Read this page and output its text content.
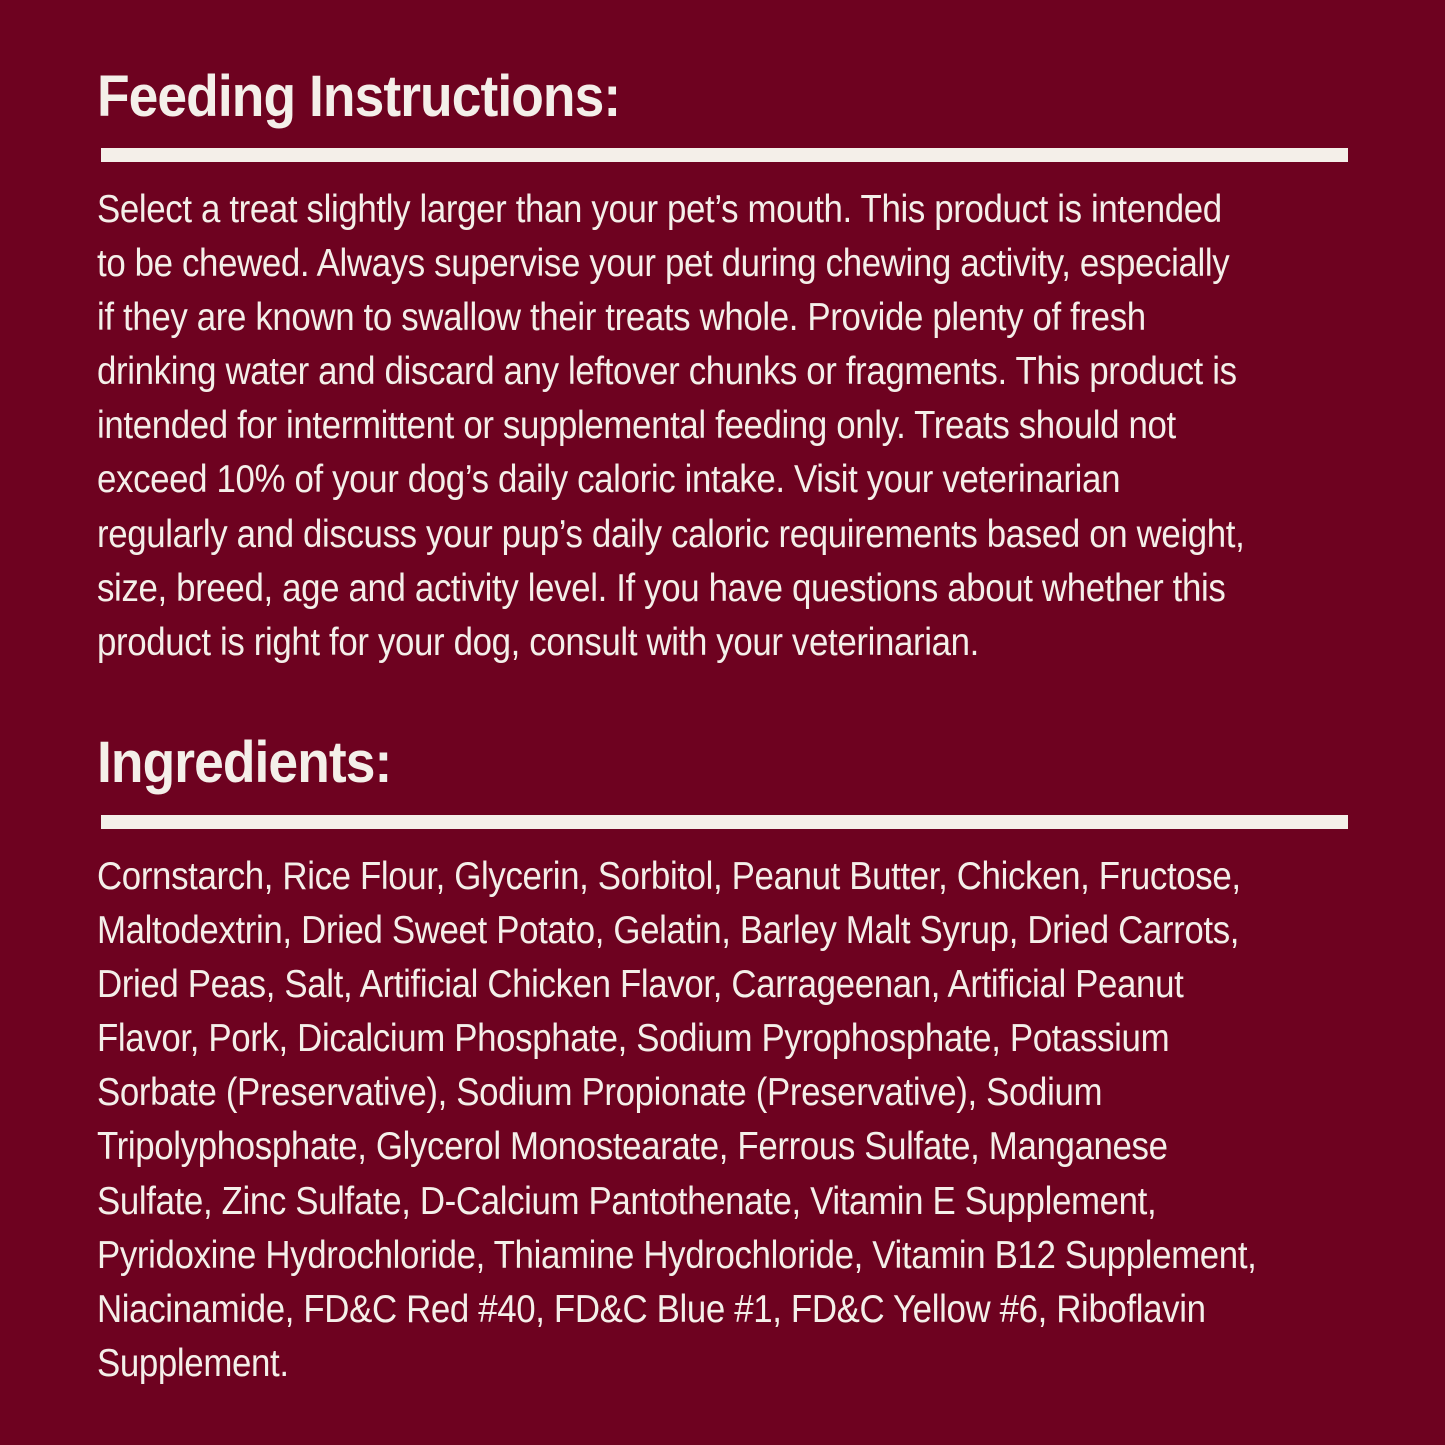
Feeding Instructions:
Select a treat slightly larger than your pet’s mouth. This product is intended
to be chewed. Always supervise your pet during chewing activity, especially
if they are known to swallow their treats whole. Provide plenty of fresh
drinking water and discard any leftover chunks or fragments. This product is
intended for intermittent or supplemental feeding only. Treats should not
exceed 10% of your dog’s daily caloric intake. Visit your veterinarian
regularly and discuss your pup’s daily caloric requirements based on weight,
size, breed, age and activity level. If you have questions about whether this
product is right for your dog, consult with your veterinarian.
Ingredients:
Cornstarch, Rice Flour, Glycerin, Sorbitol, Peanut Butter, Chicken, Fructose,
Maltodextrin, Dried Sweet Potato, Gelatin, Barley Malt Syrup, Dried Carrots,
Dried Peas, Salt, Artificial Chicken Flavor, Carrageenan, Artificial Peanut
Flavor, Pork, Dicalcium Phosphate, Sodium Pyrophosphate, Potassium
Sorbate (Preservative), Sodium Propionate (Preservative), Sodium
Tripolyphosphate, Glycerol Monostearate, Ferrous Sulfate, Manganese
Sulfate, Zinc Sulfate, D-Calcium Pantothenate, Vitamin E Supplement,
Pyridoxine Hydrochloride, Thiamine Hydrochloride, Vitamin B12 Supplement,
Niacinamide, FD&C Red #40, FD&C Blue #1, FD&C Yellow #6, Riboflavin
Supplement.
